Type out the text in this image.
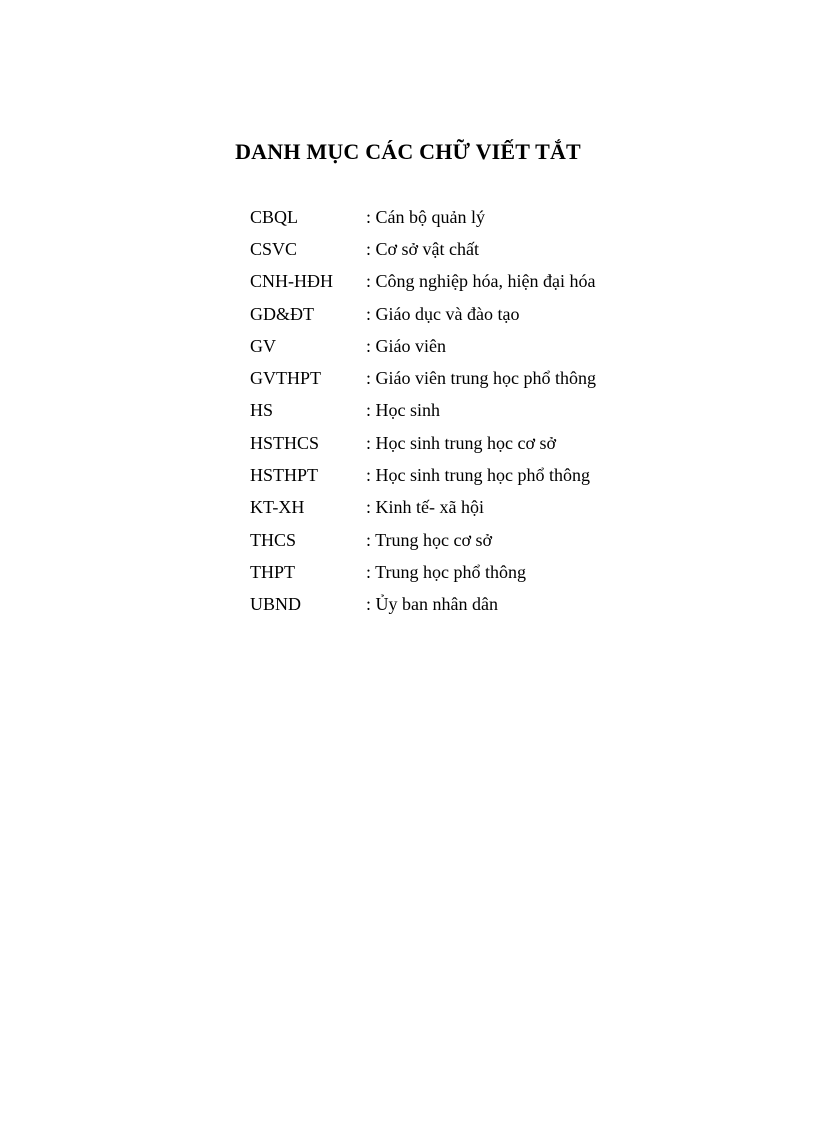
DANH MỤC CÁC CHỮ VIẾT TẮT
CBQL	: Cán bộ quản lý
CSVC	: Cơ sở vật chất
CNH-HĐH	: Công nghiệp hóa, hiện đại hóa
GD&ĐT	: Giáo dục và đào tạo
GV	: Giáo viên
GVTHPT	: Giáo viên trung học phổ thông
HS	: Học sinh
HSTHCS	: Học sinh trung học cơ sở
HSTHPT	: Học sinh trung học phổ thông
KT-XH	: Kinh tế- xã hội
THCS	: Trung học cơ sở
THPT	: Trung học phổ thông
UBND	: Ủy ban nhân dân
